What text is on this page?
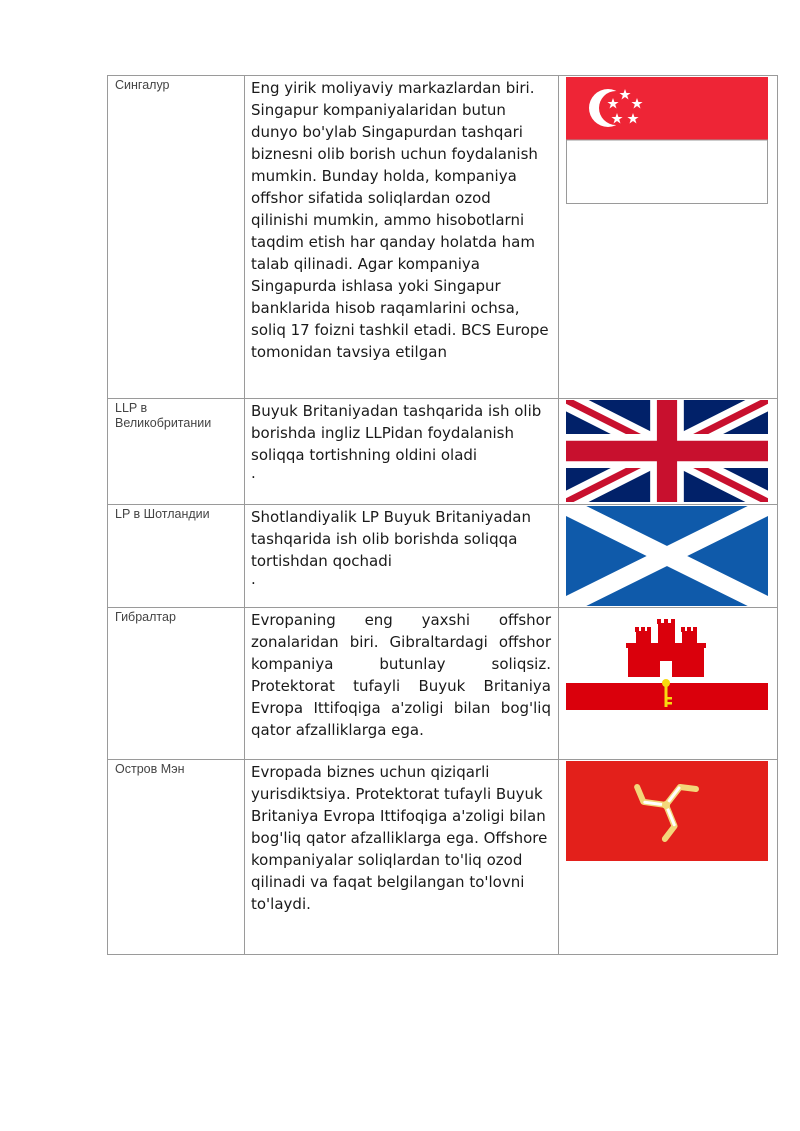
Сингалур	Eng yirik moliyaviy markazlardan biri. Singapur kompaniyalaridan butun dunyo bo'ylab Singapurdan tashqari biznesni olib borish uchun foydalanish mumkin. Bunday holda, kompaniya offshor sifatida soliqlardan ozod qilinishi mumkin, ammo hisobotlarni taqdim etish har qanday holatda ham talab qilinadi. Agar kompaniya Singapurda ishlasa yoki Singapur banklarida hisob raqamlarini ochsa, soliq 17 foizni tashkil etadi. BCS Europe tomonidan tavsiya etilgan	

LLP в Великобритании	Buyuk Britaniyadan tashqarida ish olib borishda ingliz LLPidan foydalanish soliqqa tortishning oldini oladi
.

LP в Шотландии	Shotlandiyalik LP Buyuk Britaniyadan tashqarida ish olib borishda soliqqa tortishdan qochadi
.

Гибралтар	Evropaning eng yaxshi offshor zonalaridan biri. Gibraltardagi offshor kompaniya butunlay soliqsiz. Protektorat tufayli Buyuk Britaniya Evropa Ittifoqiga a'zoligi bilan bog'liq qator afzalliklarga ega.	

Остров Мэн	Evropada biznes uchun qiziqarli yurisdiktsiya. Protektorat tufayli Buyuk Britaniya Evropa Ittifoqiga a'zoligi bilan bog'liq qator afzalliklarga ega. Offshore kompaniyalar soliqlardan to'liq ozod qilinadi va faqat belgilangan to'lovni to'laydi.	
